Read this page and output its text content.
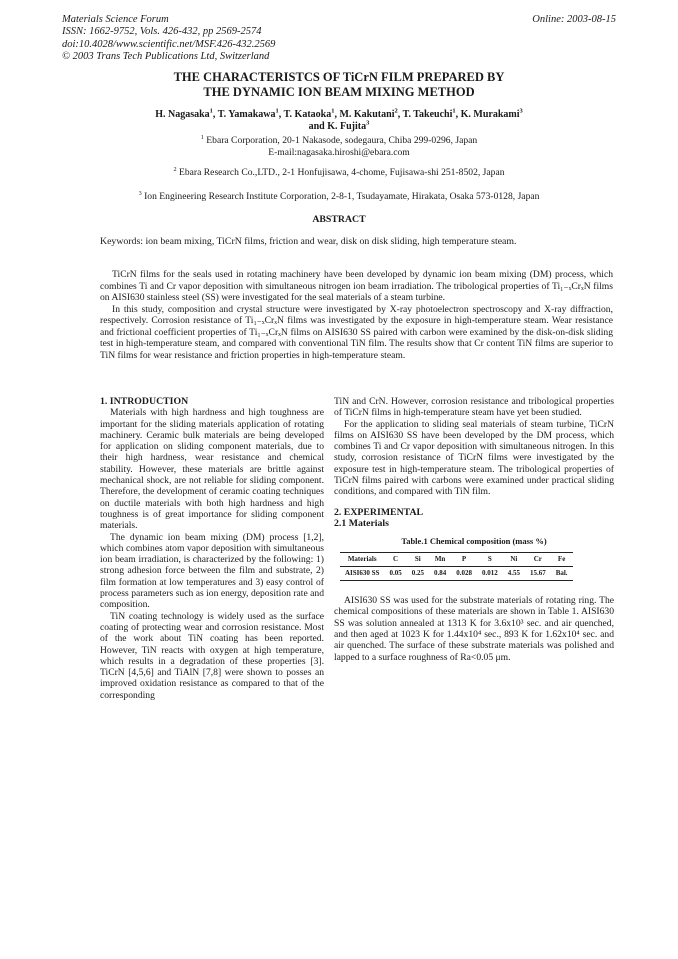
Materials Science Forum
ISSN: 1662-9752, Vols. 426-432, pp 2569-2574
doi:10.4028/www.scientific.net/MSF.426-432.2569
© 2003 Trans Tech Publications Ltd, Switzerland
Online: 2003-08-15
THE CHARACTERISTCS OF TiCrN FILM PREPARED BY
THE DYNAMIC ION BEAM MIXING METHOD
H. Nagasaka$^1$, T. Yamakawa$^1$, T. Kataoka$^1$, M. Kakutani$^2$, T. Takeuchi$^1$, K. Murakami$^3$
and K. Fujita$^3$
$^1$ Ebara Corporation, 20-1 Nakasode, sodegaura, Chiba 299-0296, Japan
E-mail:nagasaka.hiroshi@ebara.com
$^2$ Ebara Research Co.,LTD., 2-1 Honfujisawa, 4-chome, Fujisawa-shi 251-8502, Japan
$^3$ Ion Engineering Research Institute Corporation, 2-8-1, Tsudayamate, Hirakata, Osaka 573-0128, Japan
ABSTRACT
Keywords: ion beam mixing, TiCrN films, friction and wear, disk on disk sliding, high temperature steam.

TiCrN films for the seals used in rotating machinery have been developed by dynamic ion beam mixing (DM) process, which combines Ti and Cr vapor deposition with simultaneous nitrogen ion beam irradiation. The tribological properties of Ti₁₋ₓCrₓN films on AISI630 stainless steel (SS) were investigated for the seal materials of a steam turbine.

In this study, composition and crystal structure were investigated by X-ray photoelectron spectroscopy and X-ray diffraction, respectively. Corrosion resistance of Ti₁₋ₓCrₓN films was investigated by the exposure in high-temperature steam. Wear resistance and frictional coefficient properties of Ti₁₋ₓCrₓN films on AISI630 SS paired with carbon were examined by the disk-on-disk sliding test in high-temperature steam, and compared with conventional TiN film. The results show that Cr content TiN films are superior to TiN films for wear resistance and friction properties in high-temperature steam.

1. INTRODUCTION

Materials with high hardness and high toughness are important for the sliding materials application of rotating machinery. Ceramic bulk materials are being developed for application on sliding component materials, due to their high hardness, wear resistance and chemical stability. However, these materials are brittle against mechanical shock, are not reliable for sliding component. Therefore, the development of ceramic coating techniques on ductile materials with both high hardness and high toughness is of great importance for sliding component materials.

The dynamic ion beam mixing (DM) process [1,2], which combines atom vapor deposition with simultaneous ion beam irradiation, is characterized by the following: 1) strong adhesion force between the film and substrate, 2) film formation at low temperatures and 3) easy control of process parameters such as ion energy, deposition rate and composition.

TiN coating technology is widely used as the surface coating of protecting wear and corrosion resistance. Most of the work about TiN coating has been reported. However, TiN reacts with oxygen at high temperature, which results in a degradation of these properties [3]. TiCrN [4,5,6] and TiAlN [7,8] were shown to posses an improved oxidation resistance as compared to that of the corresponding

TiN and CrN. However, corrosion resistance and tribological properties of TiCrN films in high-temperature steam have yet been studied.

For the application to sliding seal materials of steam turbine, TiCrN films on AISI630 SS have been developed by the DM process, which combines Ti and Cr vapor deposition with simultaneous nitrogen. In this study, corrosion resistance of TiCrN films were investigated by the exposure test in high-temperature steam. The tribological properties of TiCrN films paired with carbons were examined under practical sliding conditions, and compared with TiN film.

2. EXPERIMENTAL
2.1 Materials
Table.1 Chemical composition (mass %)
Materials	C	Si	Mn	P	S	Ni	Cr	Fe
AISI630 SS	0.05	0.25	0.84	0.028	0.012	4.55	15.67	Bal.

AISI630 SS was used for the substrate materials of rotating ring. The chemical compositions of these materials are shown in Table 1. AISI630 SS was solution annealed at 1313 K for 3.6x10³ sec. and air quenched, and then aged at 1023 K for 1.44x10⁴ sec., 893 K for 1.62x10⁴ sec. and air quenched. The surface of these substrate materials was polished and lapped to a surface roughness of Ra<0.05 μm.
